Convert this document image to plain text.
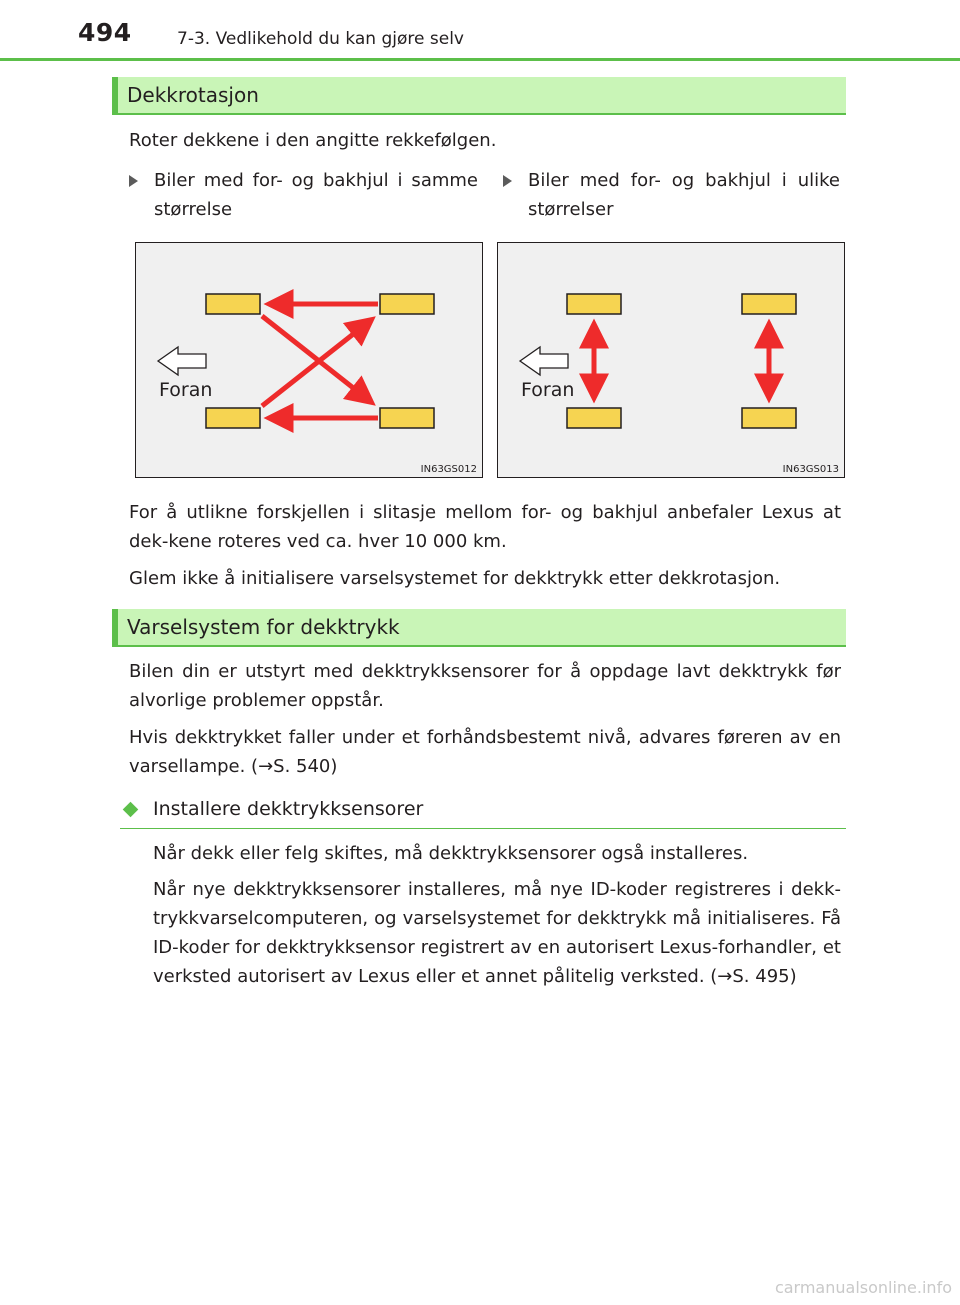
494	7-3. Vedlikehold du kan gjøre selv
Dekkrotasjon
Roter dekkene i den angitte rekkefølgen.
Biler med for- og bakhjul i samme størrelse
Biler med for- og bakhjul i ulike størrelser
Foran
IN63GS012
Foran
IN63GS013
For å utlikne forskjellen i slitasje mellom for- og bakhjul anbefaler Lexus at dek-kene roteres ved ca. hver 10 000 km.
Glem ikke å initialisere varselsystemet for dekktrykk etter dekkrotasjon.
Varselsystem for dekktrykk
Bilen din er utstyrt med dekktrykksensorer for å oppdage lavt dekktrykk før alvorlige problemer oppstår.
Hvis dekktrykket faller under et forhåndsbestemt nivå, advares føreren av en varsellampe. (→S. 540)
Installere dekktrykksensorer
Når dekk eller felg skiftes, må dekktrykksensorer også installeres.
Når nye dekktrykksensorer installeres, må nye ID-koder registreres i dekk-trykkvarselcomputeren, og varselsystemet for dekktrykk må initialiseres. Få ID-koder for dekktrykksensor registrert av en autorisert Lexus-forhandler, et verksted autorisert av Lexus eller et annet pålitelig verksted. (→S. 495)
carmanualsonline.info
